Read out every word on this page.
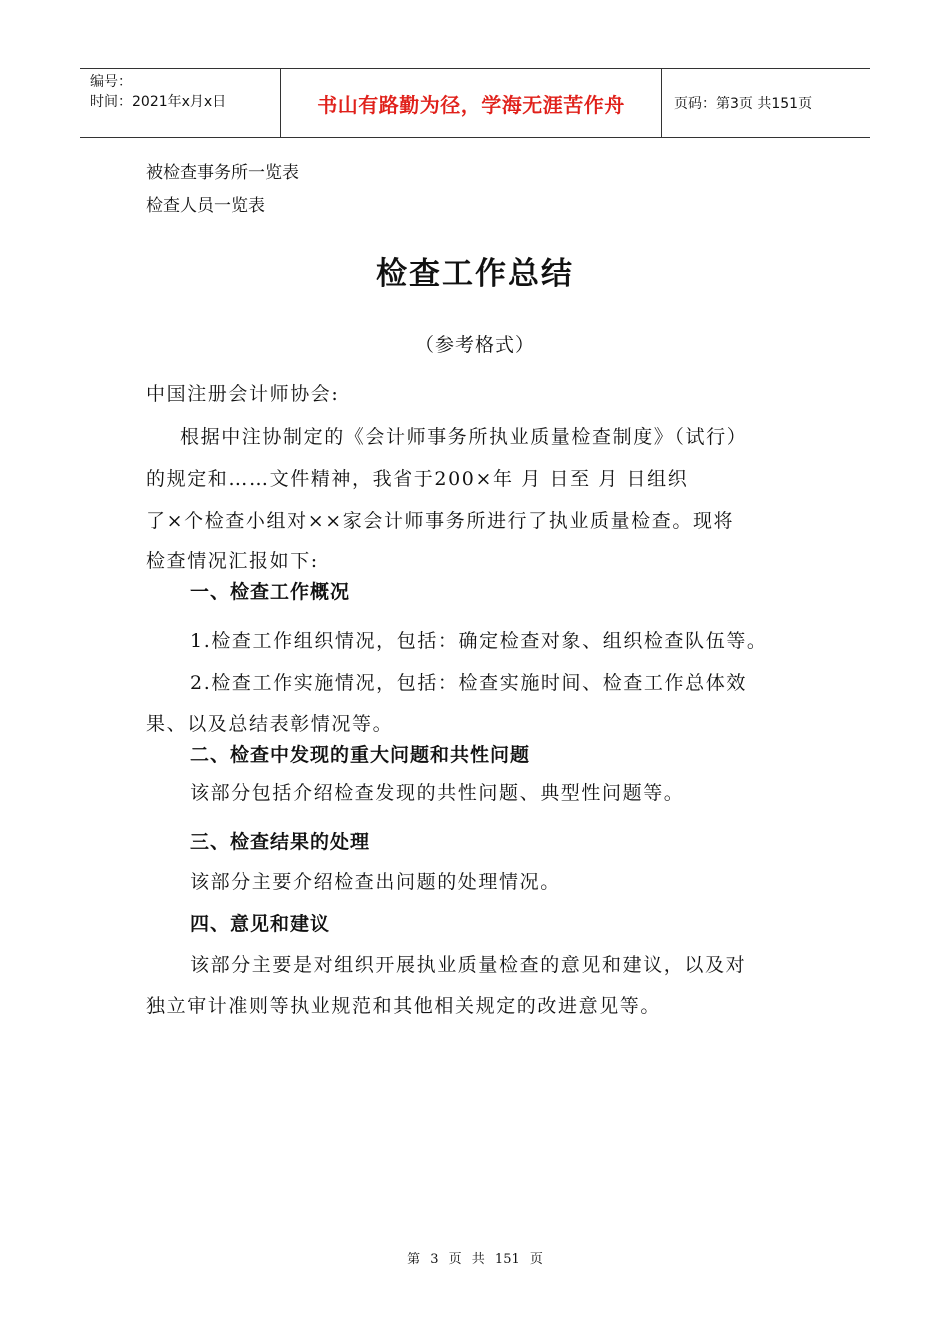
编号：
时间：2021年x月x日	书山有路勤为径，学海无涯苦作舟	页码：第3页 共151页
被检查事务所一览表
检查人员一览表
检查工作总结
（参考格式）
中国注册会计师协会:
根据中注协制定的《会计师事务所执业质量检查制度》（试行）
的规定和……文件精神，我省于200×年 月 日至 月 日组织
了×个检查小组对××家会计师事务所进行了执业质量检查。现将
检查情况汇报如下:
一、检查工作概况
1.检查工作组织情况，包括：确定检查对象、组织检查队伍等。
2.检查工作实施情况，包括：检查实施时间、检查工作总体效
果、以及总结表彰情况等。
二、检查中发现的重大问题和共性问题
该部分包括介绍检查发现的共性问题、典型性问题等。
三、检查结果的处理
该部分主要介绍检查出问题的处理情况。
四、意见和建议
该部分主要是对组织开展执业质量检查的意见和建议，以及对
独立审计准则等执业规范和其他相关规定的改进意见等。
第 3 页 共 151 页
